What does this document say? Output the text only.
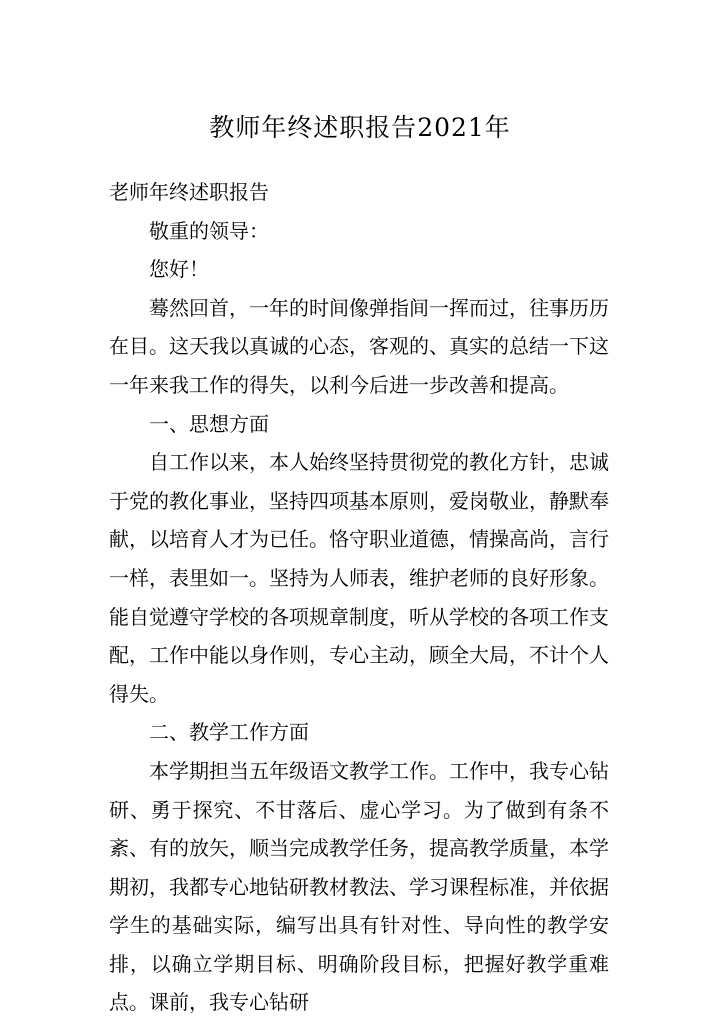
教师年终述职报告2021年

老师年终述职报告

敬重的领导：

您好！

蓦然回首，一年的时间像弹指间一挥而过，往事历历在目。这天我以真诚的心态，客观的、真实的总结一下这一年来我工作的得失，以利今后进一步改善和提高。

一、思想方面

自工作以来，本人始终坚持贯彻党的教化方针，忠诚于党的教化事业，坚持四项基本原则，爱岗敬业，静默奉献，以培育人才为已任。恪守职业道德，情操高尚，言行一样，表里如一。坚持为人师表，维护老师的良好形象。能自觉遵守学校的各项规章制度，听从学校的各项工作支配，工作中能以身作则，专心主动，顾全大局，不计个人得失。

二、教学工作方面

本学期担当五年级语文教学工作。工作中，我专心钻研、勇于探究、不甘落后、虚心学习。为了做到有条不紊、有的放矢，顺当完成教学任务，提高教学质量，本学期初，我都专心地钻研教材教法、学习课程标准，并依据学生的基础实际，编写出具有针对性、导向性的教学安排，以确立学期目标、明确阶段目标，把握好教学重难点。课前，我专心钻研
